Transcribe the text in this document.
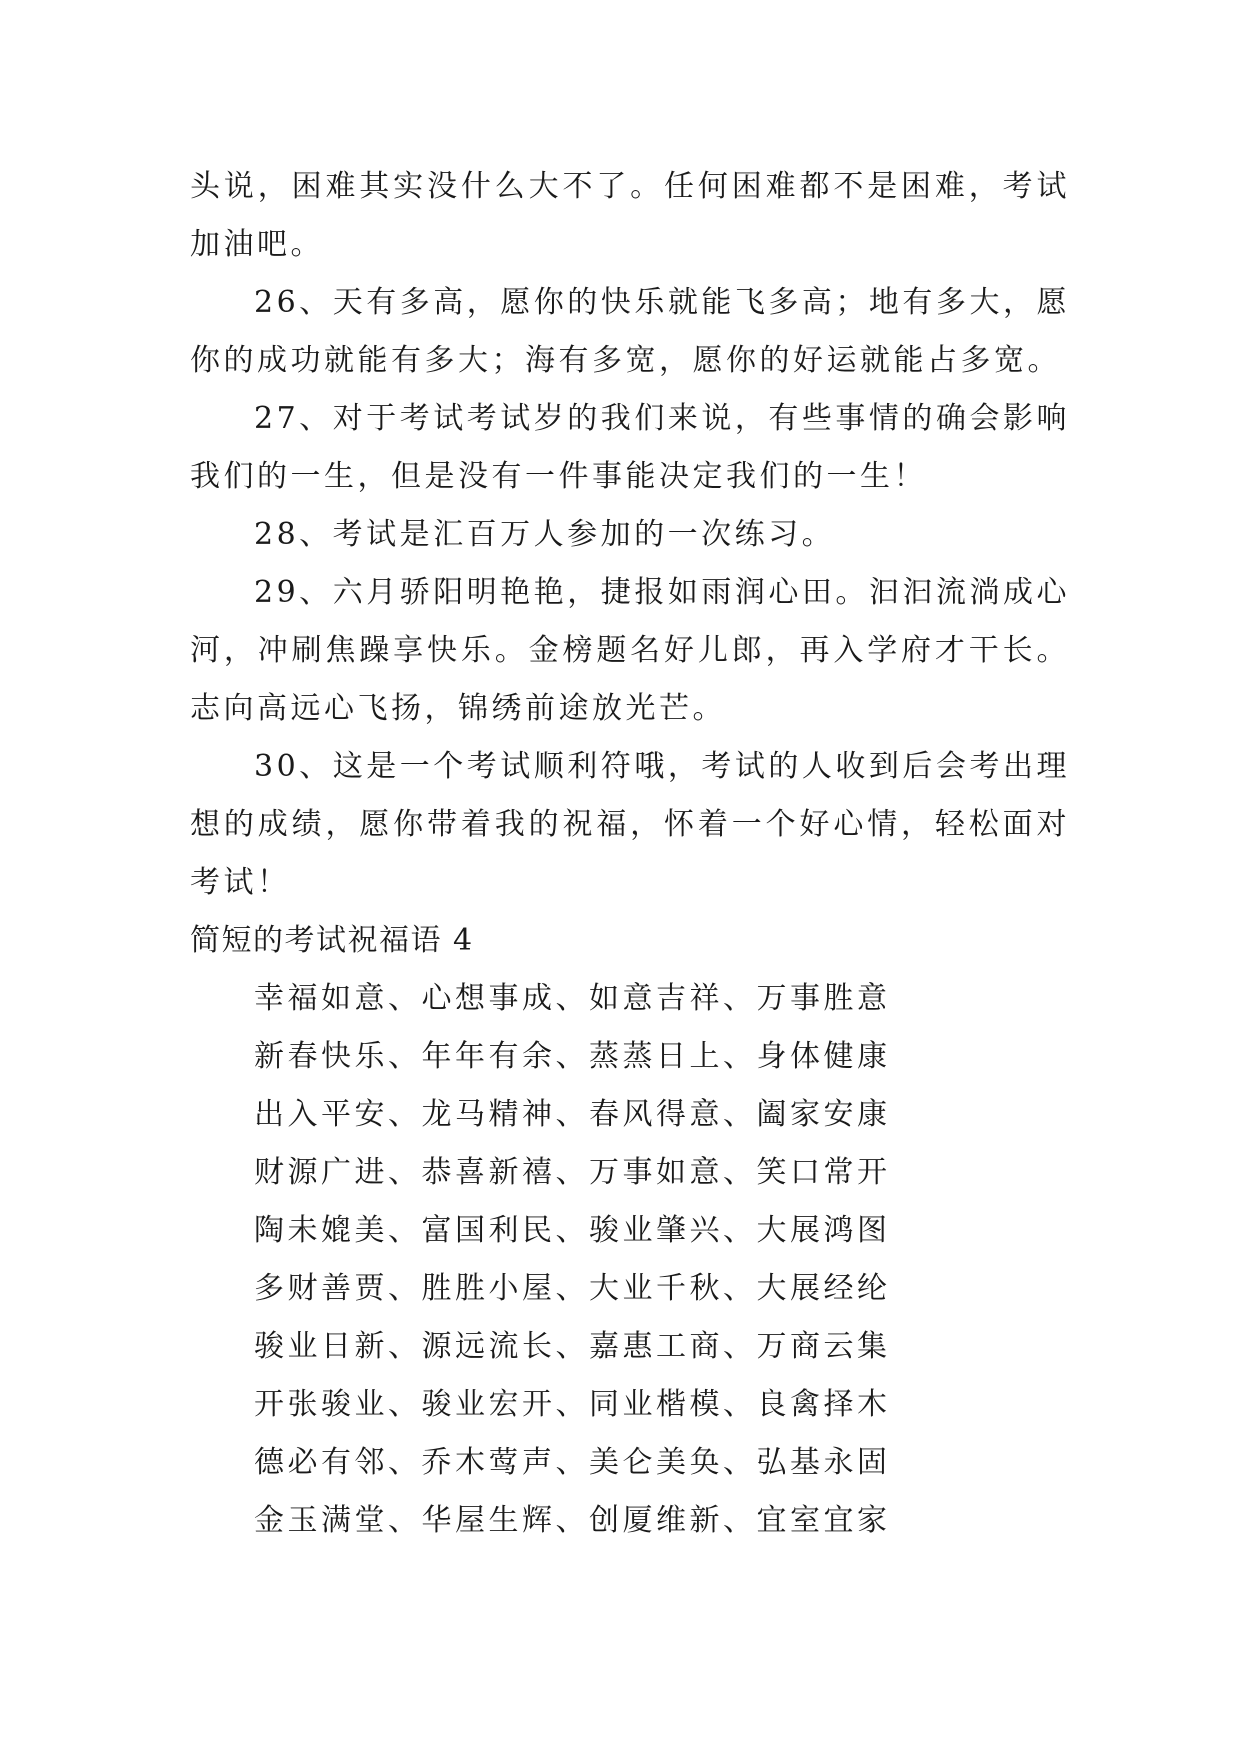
头说，困难其实没什么大不了。任何困难都不是困难，考试加油吧。

26、天有多高，愿你的快乐就能飞多高；地有多大，愿你的成功就能有多大；海有多宽，愿你的好运就能占多宽。

27、对于考试考试岁的我们来说，有些事情的确会影响我们的一生，但是没有一件事能决定我们的一生！

28、考试是汇百万人参加的一次练习。

29、六月骄阳明艳艳，捷报如雨润心田。汩汩流淌成心河，冲刷焦躁享快乐。金榜题名好儿郎，再入学府才干长。志向高远心飞扬，锦绣前途放光芒。

30、这是一个考试顺利符哦，考试的人收到后会考出理想的成绩，愿你带着我的祝福，怀着一个好心情，轻松面对考试！

简短的考试祝福语 4

幸福如意、心想事成、如意吉祥、万事胜意

新春快乐、年年有余、蒸蒸日上、身体健康

出入平安、龙马精神、春风得意、阖家安康

财源广进、恭喜新禧、万事如意、笑口常开

陶未媲美、富国利民、骏业肇兴、大展鸿图

多财善贾、胜胜小屋、大业千秋、大展经纶

骏业日新、源远流长、嘉惠工商、万商云集

开张骏业、骏业宏开、同业楷模、良禽择木

德必有邻、乔木莺声、美仑美奂、弘基永固

金玉满堂、华屋生辉、创厦维新、宜室宜家
